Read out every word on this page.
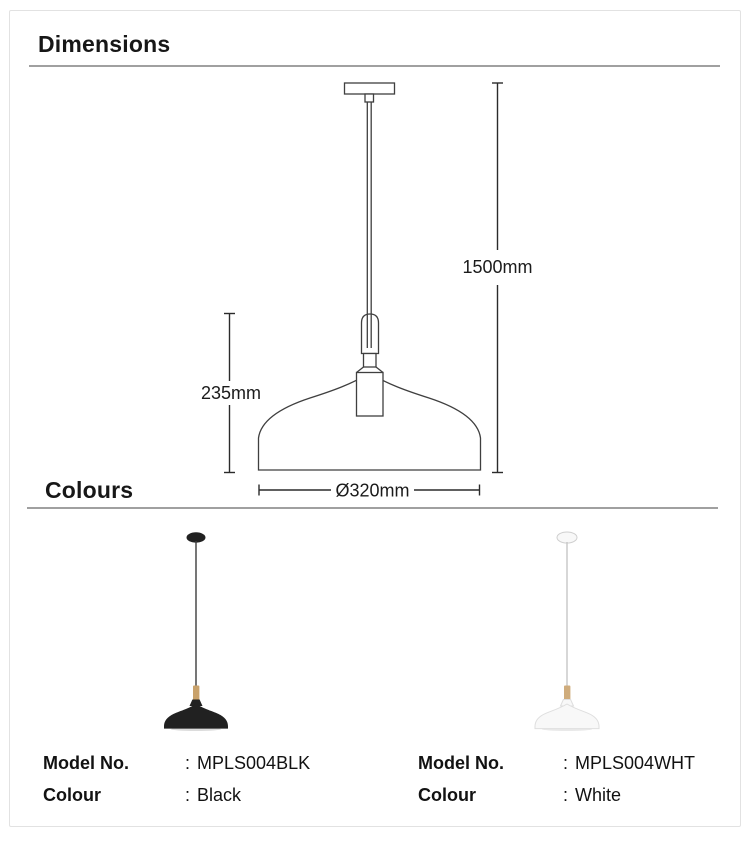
Dimensions
1500mm
235mm
Ø320mm
Colours
Model No.	: MPLS004BLK
Colour	: Black
Model No.	: MPLS004WHT
Colour	: White
